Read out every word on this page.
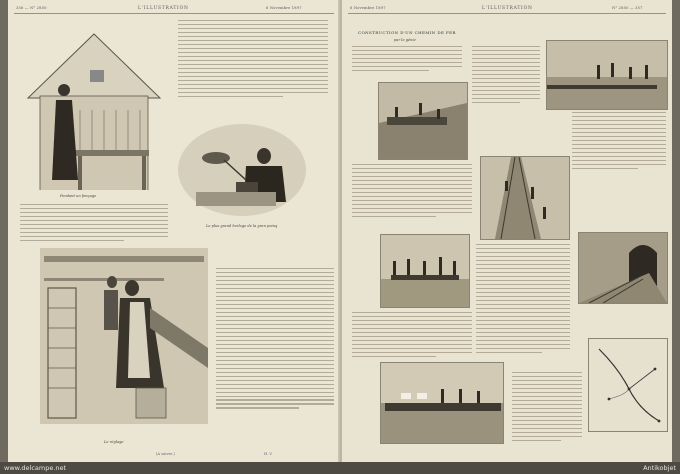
356 — N° 2850	L'ILLUSTRATION	6 Novembre 1897
Pendant un fonçage
Le plus grand horloge de la gran poinq
Le réglage
(A suivre.)	H. V.
6 Novembre 1897	L'ILLUSTRATION	N° 2850 — 357
CONSTRUCTION D'UN CHEMIN DE FER
par le génie
www.delcampe.net	Antikobjet
